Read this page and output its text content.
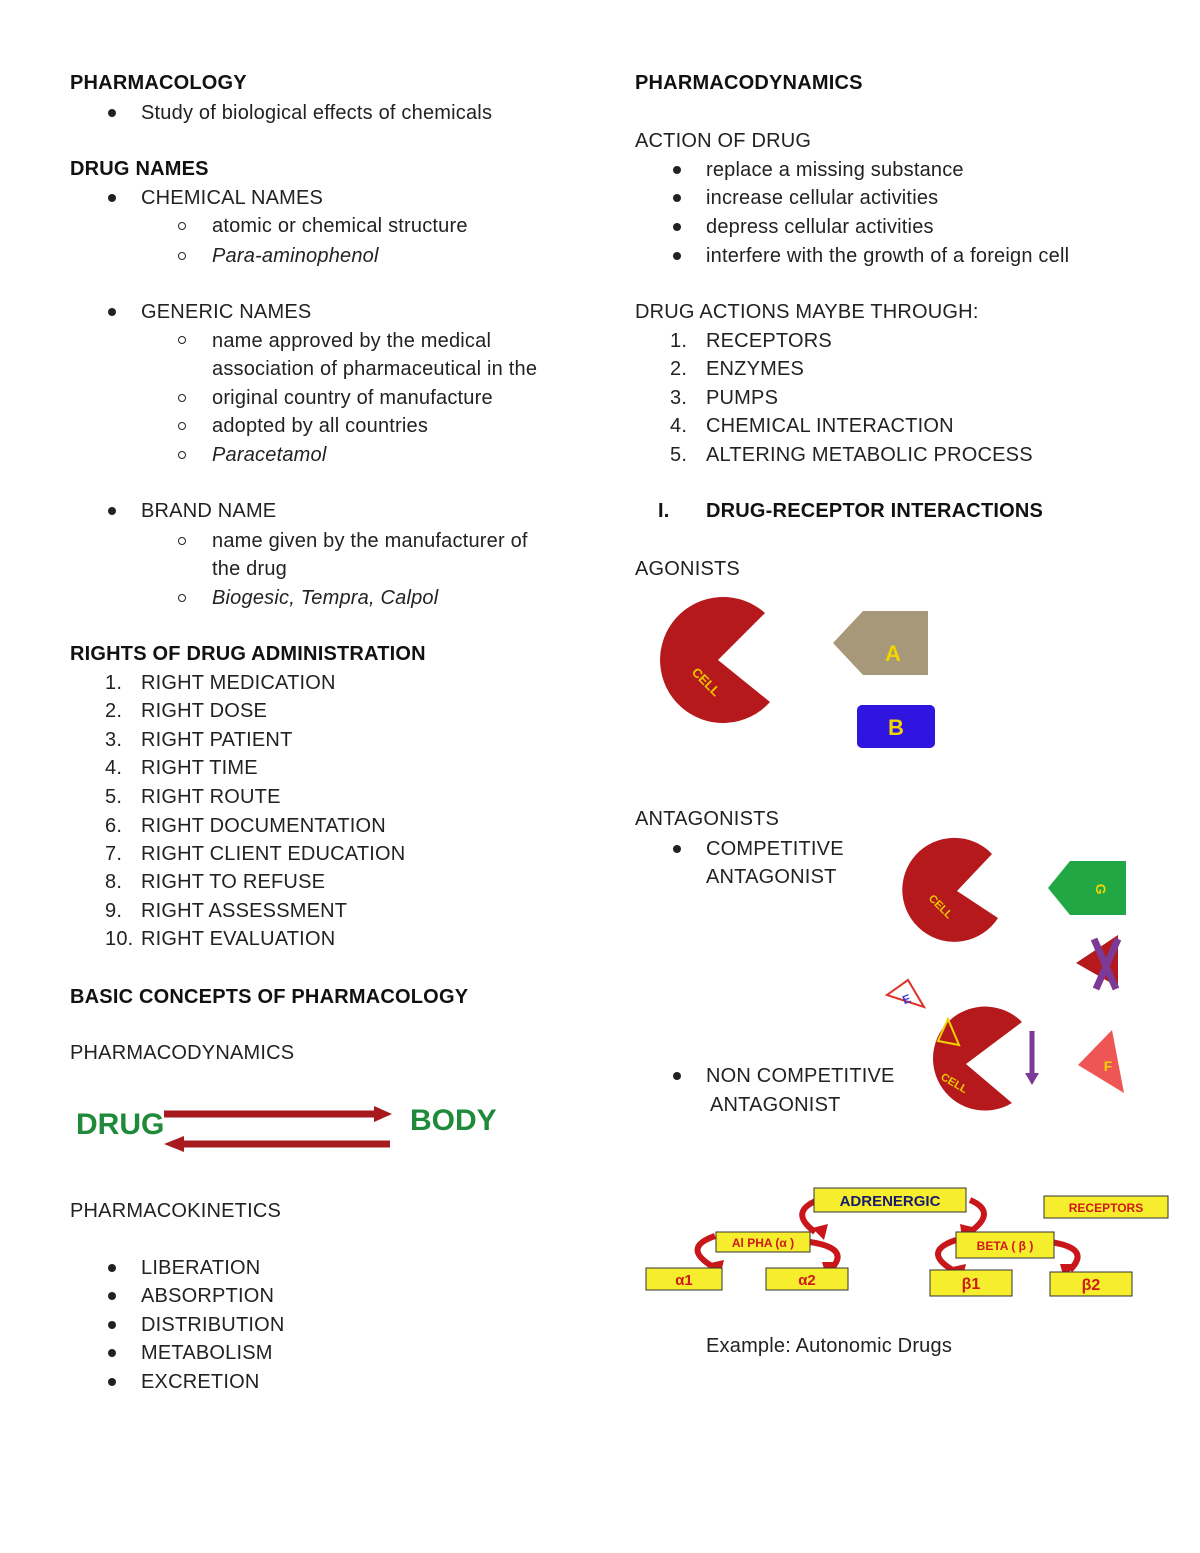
PHARMACOLOGY
Study of biological effects of chemicals
DRUG NAMES
CHEMICAL NAMES
atomic or chemical structure
Para-aminophenol
GENERIC NAMES
name approved by the medical
association of pharmaceutical in the
original country of manufacture
adopted by all countries
Paracetamol
BRAND NAME
name given by the manufacturer of
the drug
Biogesic, Tempra, Calpol
RIGHTS OF DRUG ADMINISTRATION
1. RIGHT MEDICATION
2. RIGHT DOSE
3. RIGHT PATIENT
4. RIGHT TIME
5. RIGHT ROUTE
6. RIGHT DOCUMENTATION
7. RIGHT CLIENT EDUCATION
8. RIGHT TO REFUSE
9. RIGHT ASSESSMENT
10. RIGHT EVALUATION
BASIC CONCEPTS OF PHARMACOLOGY
PHARMACODYNAMICS
DRUG	BODY
PHARMACOKINETICS
LIBERATION
ABSORPTION
DISTRIBUTION
METABOLISM
EXCRETION
PHARMACODYNAMICS
ACTION OF DRUG
replace a missing substance
increase cellular activities
depress cellular activities
interfere with the growth of a foreign cell
DRUG ACTIONS MAYBE THROUGH:
1. RECEPTORS
2. ENZYMES
3. PUMPS
4. CHEMICAL INTERACTION
5. ALTERING METABOLIC PROCESS
I. DRUG-RECEPTOR INTERACTIONS
AGONISTS
CELL
A
B
ANTAGONISTS
COMPETITIVE
ANTAGONIST
NON COMPETITIVE
ANTAGONIST
CELL
G
E
CELL
F
ADRENERGIC	RECEPTORS
Al PHA (α )	BETA ( β )
α1	α2	β1	β2
Example: Autonomic Drugs
